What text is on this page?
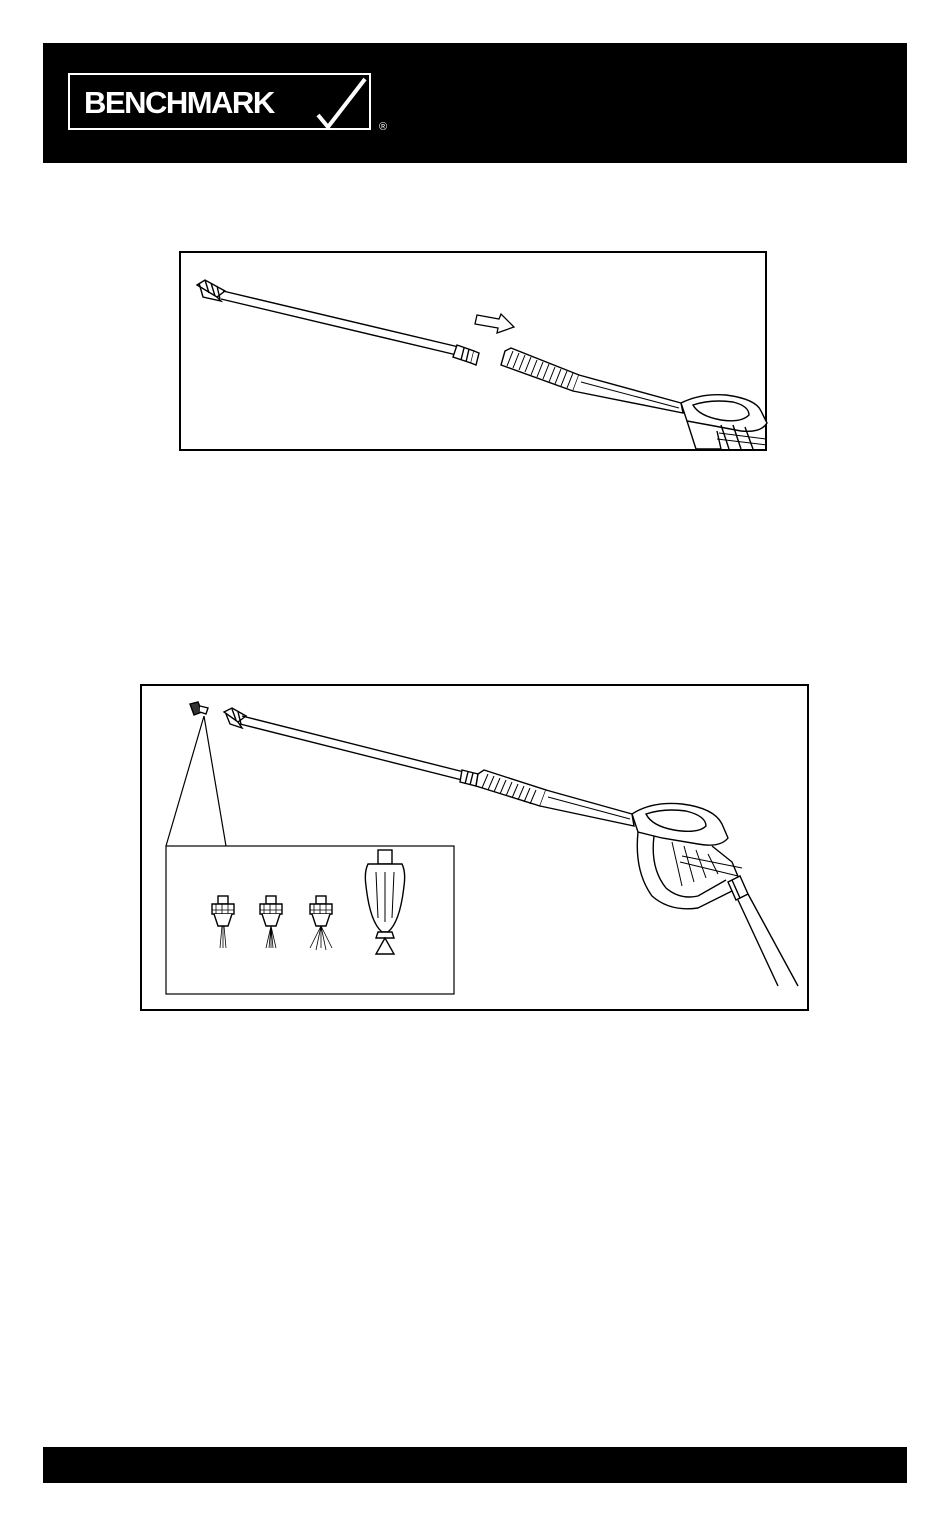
BENCHMARK
®
